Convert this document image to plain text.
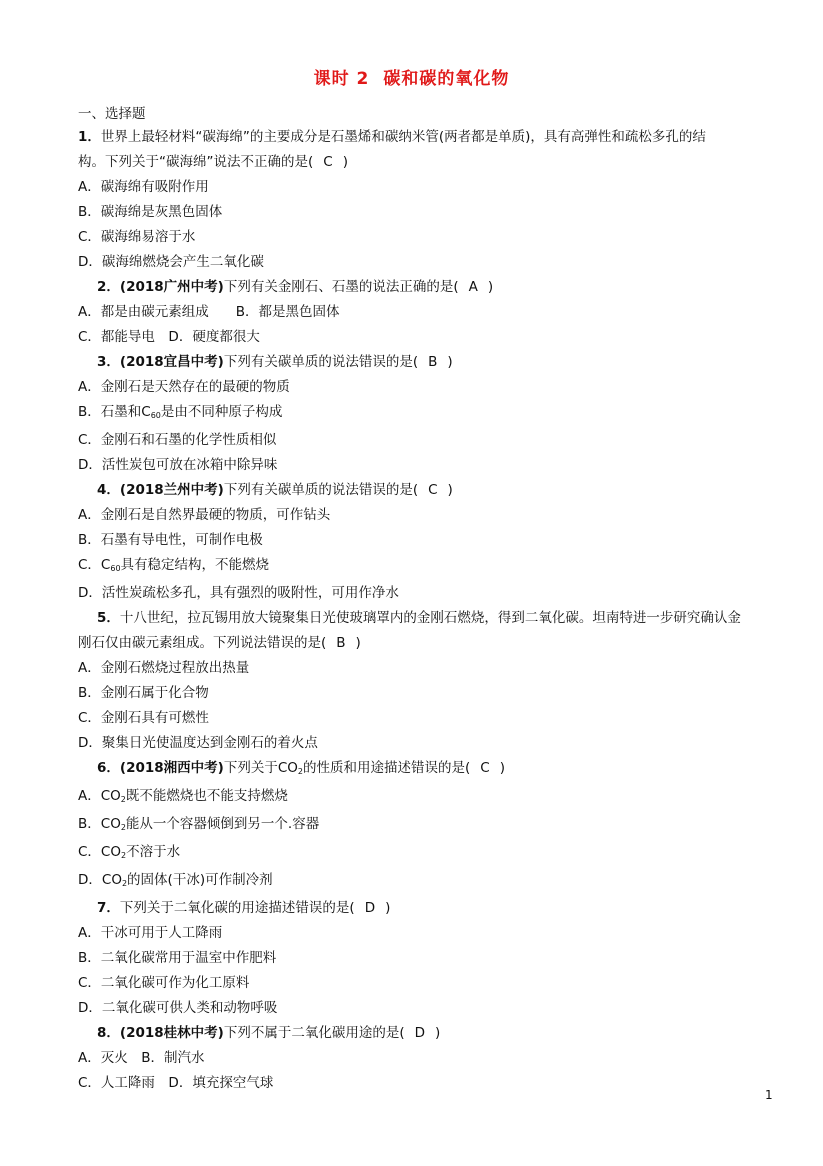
课时 2 碳和碳的氧化物
一、选择题
1．世界上最轻材料“碳海绵”的主要成分是石墨烯和碳纳米管(两者都是单质)，具有高弹性和疏松多孔的结
构。下列关于“碳海绵”说法不正确的是( C )
A．碳海绵有吸附作用
B．碳海绵是灰黑色固体
C．碳海绵易溶于水
D．碳海绵燃烧会产生二氧化碳
2．(2018广州中考)下列有关金刚石、石墨的说法正确的是( A )
A．都是由碳元素组成　　B．都是黑色固体
C．都能导电　D．硬度都很大
3．(2018宜昌中考)下列有关碳单质的说法错误的是( B )
A．金刚石是天然存在的最硬的物质
B．石墨和$C_{60}$是由不同种原子构成
C．金刚石和石墨的化学性质相似
D．活性炭包可放在冰箱中除异味
4．(2018兰州中考)下列有关碳单质的说法错误的是( C )
A．金刚石是自然界最硬的物质，可作钻头
B．石墨有导电性，可制作电极
C．$C_{60}$具有稳定结构，不能燃烧
D．活性炭疏松多孔，具有强烈的吸附性，可用作净水
5．十八世纪，拉瓦锡用放大镜聚集日光使玻璃罩内的金刚石燃烧，得到二氧化碳。坦南特进一步研究确认金
刚石仅由碳元素组成。下列说法错误的是( B )
A．金刚石燃烧过程放出热量
B．金刚石属于化合物
C．金刚石具有可燃性
D．聚集日光使温度达到金刚石的着火点
6．(2018湘西中考)下列关于$CO_2$的性质和用途描述错误的是( C )
A．$CO_2$既不能燃烧也不能支持燃烧
B．$CO_2$能从一个容器倾倒到另一个.容器
C．$CO_2$不溶于水
D．$CO_2$的固体(干冰)可作制冷剂
7．下列关于二氧化碳的用途描述错误的是( D )
A．干冰可用于人工降雨
B．二氧化碳常用于温室中作肥料
C．二氧化碳可作为化工原料
D．二氧化碳可供人类和动物呼吸
8．(2018桂林中考)下列不属于二氧化碳用途的是( D )
A．灭火　B．制汽水
C．人工降雨　D．填充探空气球
1
